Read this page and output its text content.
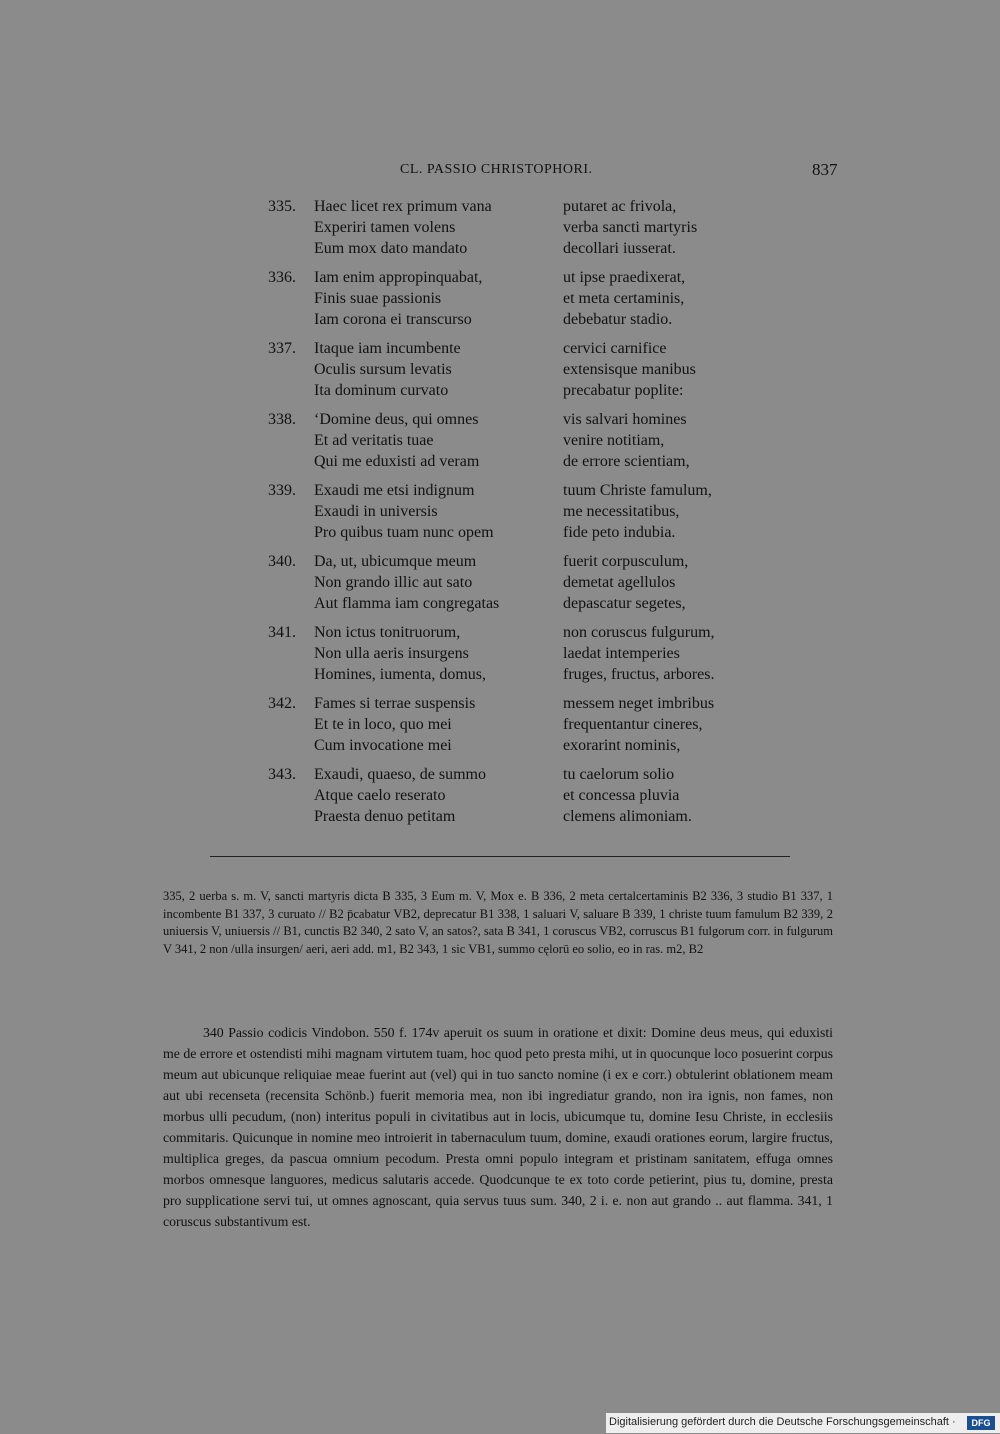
CL. PASSIO CHRISTOPHORI.	837
335. Haec licet rex primum vana	putaret ac frivola,
Experiri tamen volens	verba sancti martyris
Eum mox dato mandato	decollari iusserat.
336. Iam enim appropinquabat,	ut ipse praedixerat,
Finis suae passionis	et meta certaminis,
Iam corona ei transcurso	debebatur stadio.
337. Itaque iam incumbente	cervici carnifice
Oculis sursum levatis	extensisque manibus
Ita dominum curvato	precabatur poplite:
338. ‘Domine deus, qui omnes	vis salvari homines
Et ad veritatis tuae	venire notitiam,
Qui me eduxisti ad veram	de errore scientiam,
339. Exaudi me etsi indignum	tuum Christe famulum,
Exaudi in universis	me necessitatibus,
Pro quibus tuam nunc opem	fide peto indubia.
340. Da, ut, ubicumque meum	fuerit corpusculum,
Non grando illic aut sato	demetat agellulos
Aut flamma iam congregatas	depascatur segetes,
341. Non ictus tonitruorum,	non coruscus fulgurum,
Non ulla aeris insurgens	laedat intemperies
Homines, iumenta, domus,	fruges, fructus, arbores.
342. Fames si terrae suspensis	messem neget imbribus
Et te in loco, quo mei	frequentantur cineres,
Cum invocatione mei	exorarint nominis,
343. Exaudi, quaeso, de summo	tu caelorum solio
Atque caelo reserato	et concessa pluvia
Praesta denuo petitam	clemens alimoniam.

335, 2 uerba s. m. V, sancti martyris dicta B 335, 3 Eum m. V, Mox e. B 336, 2 meta certalcertaminis B2 336, 3 studio B1 337, 1 incombente B1 337, 3 curuato // B2 p̄cabatur VB2, deprecatur B1 338, 1 saluari V, saluare B 339, 1 christe tuum famulum B2 339, 2 uniuersis V, uniuersis // B1, cunctis B2 340, 2 sato V, an satos?, sata B 341, 1 coruscus VB2, corruscus B1 fulgorum corr. in fulgurum V 341, 2 non /ulla insurgen/ aeri, aeri add. m1, B2 343, 1 sic VB1, summo cęlorū eo solio, eo in ras. m2, B2

340 Passio codicis Vindobon. 550 f. 174v aperuit os suum in oratione et dixit: Domine deus meus, qui eduxisti me de errore et ostendisti mihi magnam virtutem tuam, hoc quod peto presta mihi, ut in quocunque loco posuerint corpus meum aut ubicunque reliquiae meae fuerint aut (vel) qui in tuo sancto nomine (i ex e corr.) obtulerint oblationem meam aut ubi recenseta (recensita Schönb.) fuerit memoria mea, non ibi ingrediatur grando, non ira ignis, non fames, non morbus ulli pecudum, (non) interitus populi in civitatibus aut in locis, ubicumque tu, domine Iesu Christe, in ecclesiis commitaris. Quicunque in nomine meo introierit in tabernaculum tuum, domine, exaudi orationes eorum, largire fructus, multiplica greges, da pascua omnium pecodum. Presta omni populo integram et pristinam sanitatem, effuga omnes morbos omnesque languores, medicus salutaris accede. Quodcunque te ex toto corde petierint, pius tu, domine, presta pro supplicatione servi tui, ut omnes agnoscant, quia servus tuus sum. 340, 2 i. e. non aut grando .. aut flamma. 341, 1 coruscus substantivum est.

Digitalisierung gefördert durch die Deutsche Forschungsgemeinschaft ·	DFG
